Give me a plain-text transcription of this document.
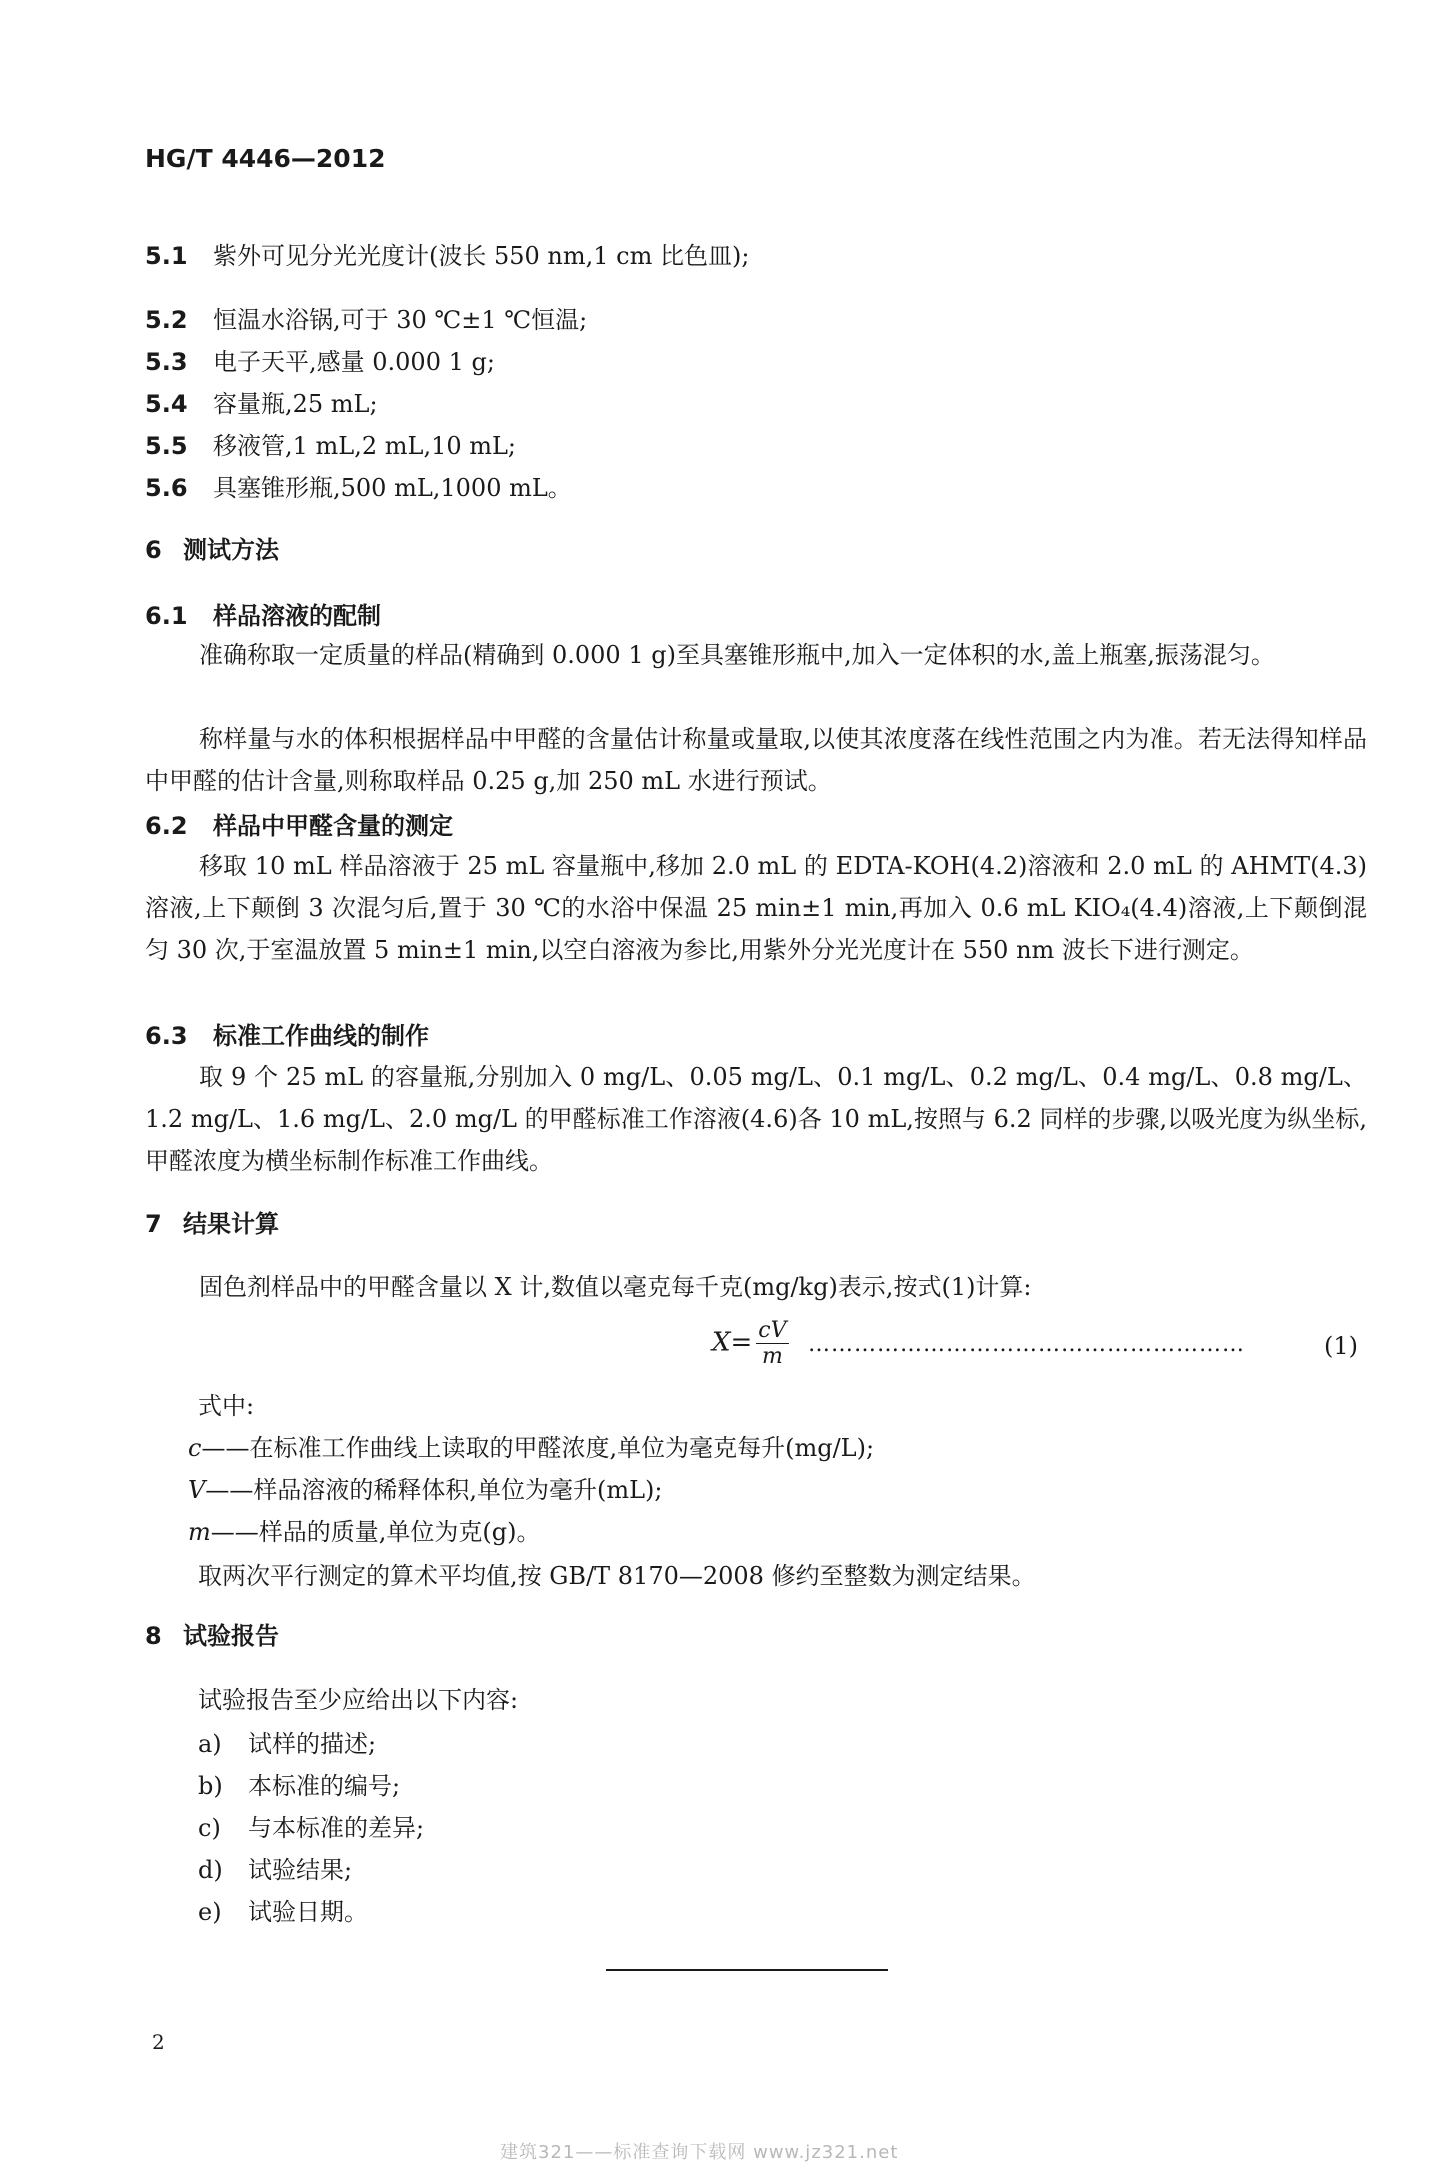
HG/T 4446—2012
5.1 紫外可见分光光度计(波长 550 nm,1 cm 比色皿);
5.2 恒温水浴锅,可于 30 ℃±1 ℃恒温;
5.3 电子天平,感量 0.000 1 g;
5.4 容量瓶,25 mL;
5.5 移液管,1 mL,2 mL,10 mL;
5.6 具塞锥形瓶,500 mL,1000 mL。
6 测试方法
6.1 样品溶液的配制
准确称取一定质量的样品(精确到 0.000 1 g)至具塞锥形瓶中,加入一定体积的水,盖上瓶塞,振荡混匀。
称样量与水的体积根据样品中甲醛的含量估计称量或量取,以使其浓度落在线性范围之内为准。若无法得知样品中甲醛的估计含量,则称取样品 0.25 g,加 250 mL 水进行预试。
6.2 样品中甲醛含量的测定
移取 10 mL 样品溶液于 25 mL 容量瓶中,移加 2.0 mL 的 EDTA-KOH(4.2)溶液和 2.0 mL 的 AHMT(4.3)溶液,上下颠倒 3 次混匀后,置于 30 ℃的水浴中保温 25 min±1 min,再加入 0.6 mL KIO₄(4.4)溶液,上下颠倒混匀 30 次,于室温放置 5 min±1 min,以空白溶液为参比,用紫外分光光度计在 550 nm 波长下进行测定。
6.3 标准工作曲线的制作
取 9 个 25 mL 的容量瓶,分别加入 0 mg/L、0.05 mg/L、0.1 mg/L、0.2 mg/L、0.4 mg/L、0.8 mg/L、1.2 mg/L、1.6 mg/L、2.0 mg/L 的甲醛标准工作溶液(4.6)各 10 mL,按照与 6.2 同样的步骤,以吸光度为纵坐标,甲醛浓度为横坐标制作标准工作曲线。
7 结果计算
固色剂样品中的甲醛含量以 X 计,数值以毫克每千克(mg/kg)表示,按式(1)计算:
$X= \frac{cV}{m}$ …………………………………………………	(1)
式中:
c——在标准工作曲线上读取的甲醛浓度,单位为毫克每升(mg/L);
V——样品溶液的稀释体积,单位为毫升(mL);
m——样品的质量,单位为克(g)。
取两次平行测定的算术平均值,按 GB/T 8170—2008 修约至整数为测定结果。
8 试验报告
试验报告至少应给出以下内容:
a) 试样的描述;
b) 本标准的编号;
c) 与本标准的差异;
d) 试验结果;
e) 试验日期。
2
建筑321——标准查询下载网 www.jz321.net
